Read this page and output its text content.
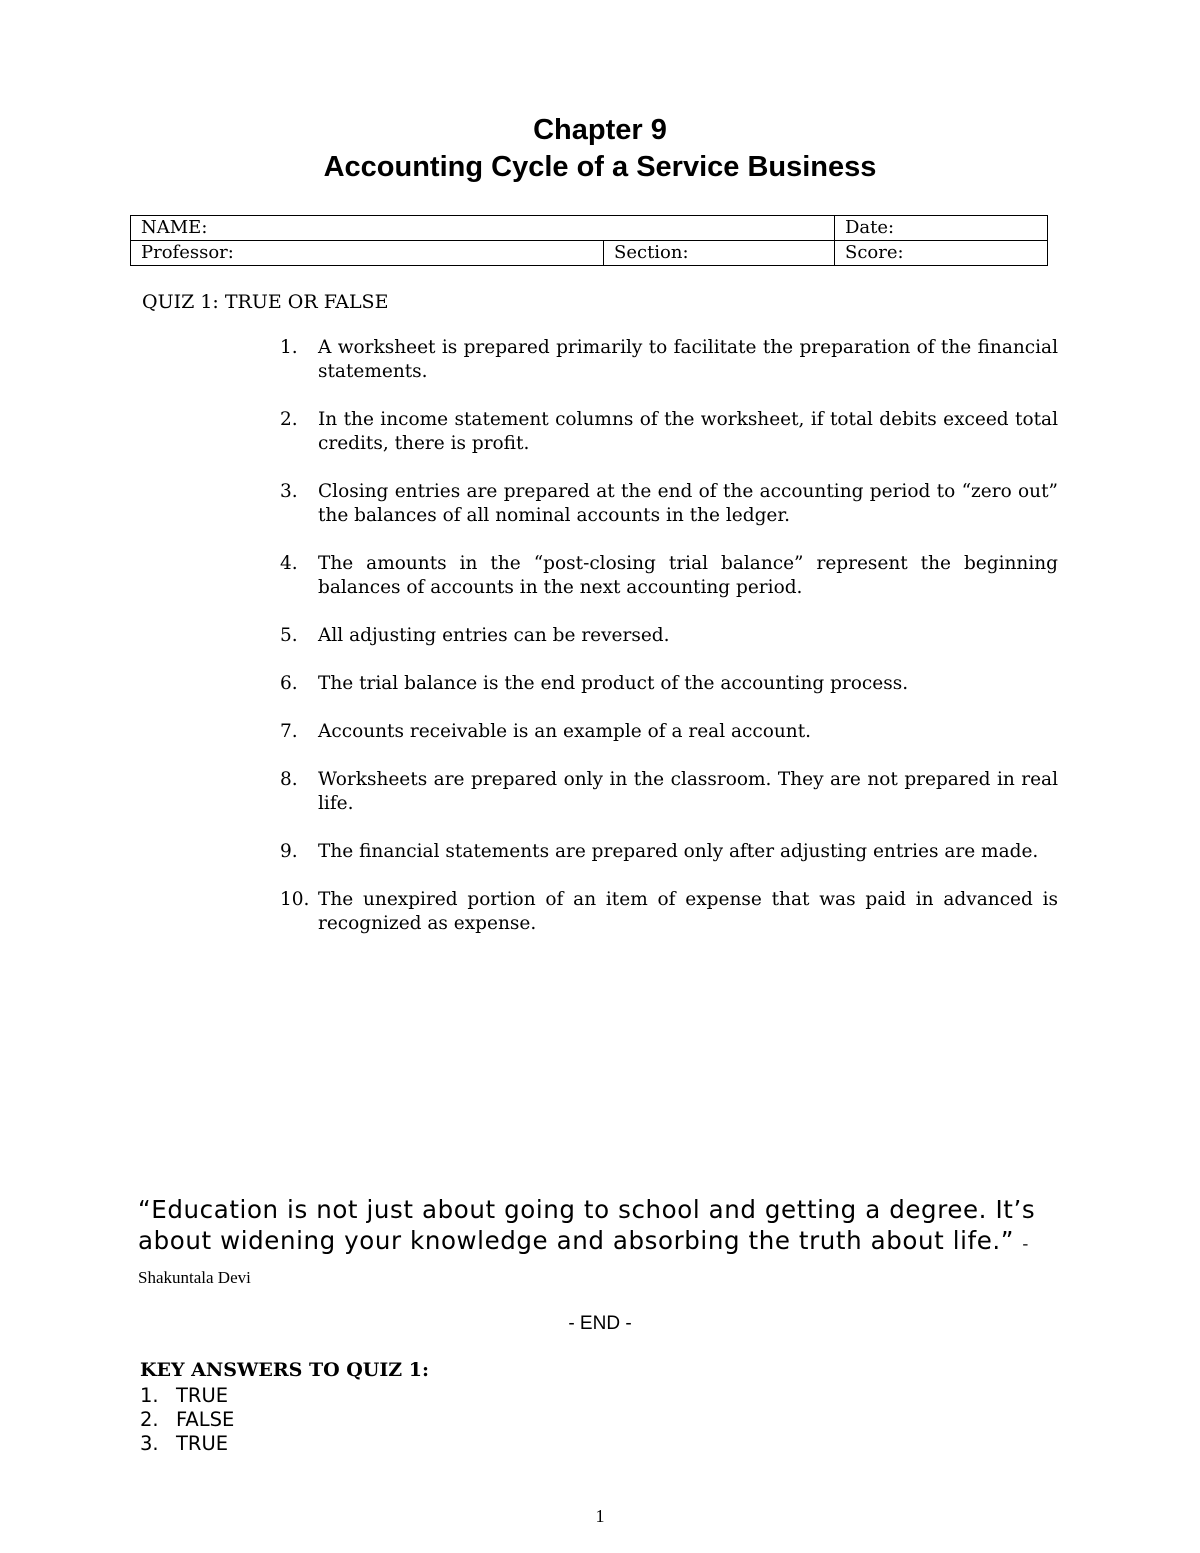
Chapter 9
Accounting Cycle of a Service Business
NAME:		Date:
Professor:	Section:	Score:
QUIZ 1: TRUE OR FALSE
1. A worksheet is prepared primarily to facilitate the preparation of the financial statements.
2. In the income statement columns of the worksheet, if total debits exceed total credits, there is profit.
3. Closing entries are prepared at the end of the accounting period to “zero out” the balances of all nominal accounts in the ledger.
4. The amounts in the “post-closing trial balance” represent the beginning balances of accounts in the next accounting period.
5. All adjusting entries can be reversed.
6. The trial balance is the end product of the accounting process.
7. Accounts receivable is an example of a real account.
8. Worksheets are prepared only in the classroom. They are not prepared in real life.
9. The financial statements are prepared only after adjusting entries are made.
10. The unexpired portion of an item of expense that was paid in advanced is recognized as expense.
“Education is not just about going to school and getting a degree. It’s about widening your knowledge and absorbing the truth about life.” - Shakuntala Devi
- END -
KEY ANSWERS TO QUIZ 1:
1. TRUE
2. FALSE
3. TRUE
1
